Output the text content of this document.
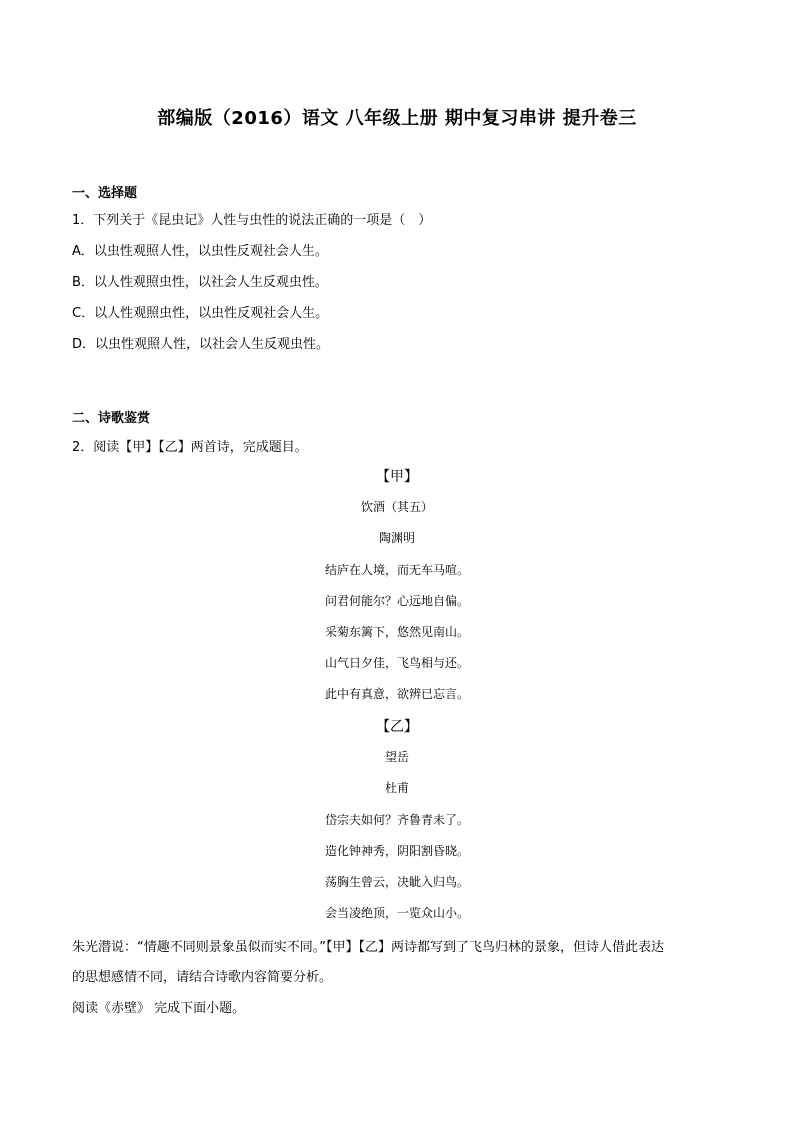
部编版（2016）语文 八年级上册 期中复习串讲 提升卷三
一、选择题
1．下列关于《昆虫记》人性与虫性的说法正确的一项是（　）
A．以虫性观照人性，以虫性反观社会人生。
B．以人性观照虫性，以社会人生反观虫性。
C．以人性观照虫性，以虫性反观社会人生。
D．以虫性观照人性，以社会人生反观虫性。
二、诗歌鉴赏
2．阅读【甲】【乙】两首诗，完成题目。
【甲】
饮酒（其五）
陶渊明
结庐在人境，而无车马喧。
问君何能尔？心远地自偏。
采菊东篱下，悠然见南山。
山气日夕佳，飞鸟相与还。
此中有真意，欲辨已忘言。
【乙】
望岳
杜甫
岱宗夫如何？齐鲁青未了。
造化钟神秀，阴阳割昏晓。
荡胸生曾云，决眦入归鸟。
会当凌绝顶，一览众山小。
朱光潜说：“情趣不同则景象虽似而实不同。”【甲】【乙】两诗都写到了飞鸟归林的景象，但诗人借此表达
的思想感情不同，请结合诗歌内容简要分析。
阅读《赤壁》 完成下面小题。
